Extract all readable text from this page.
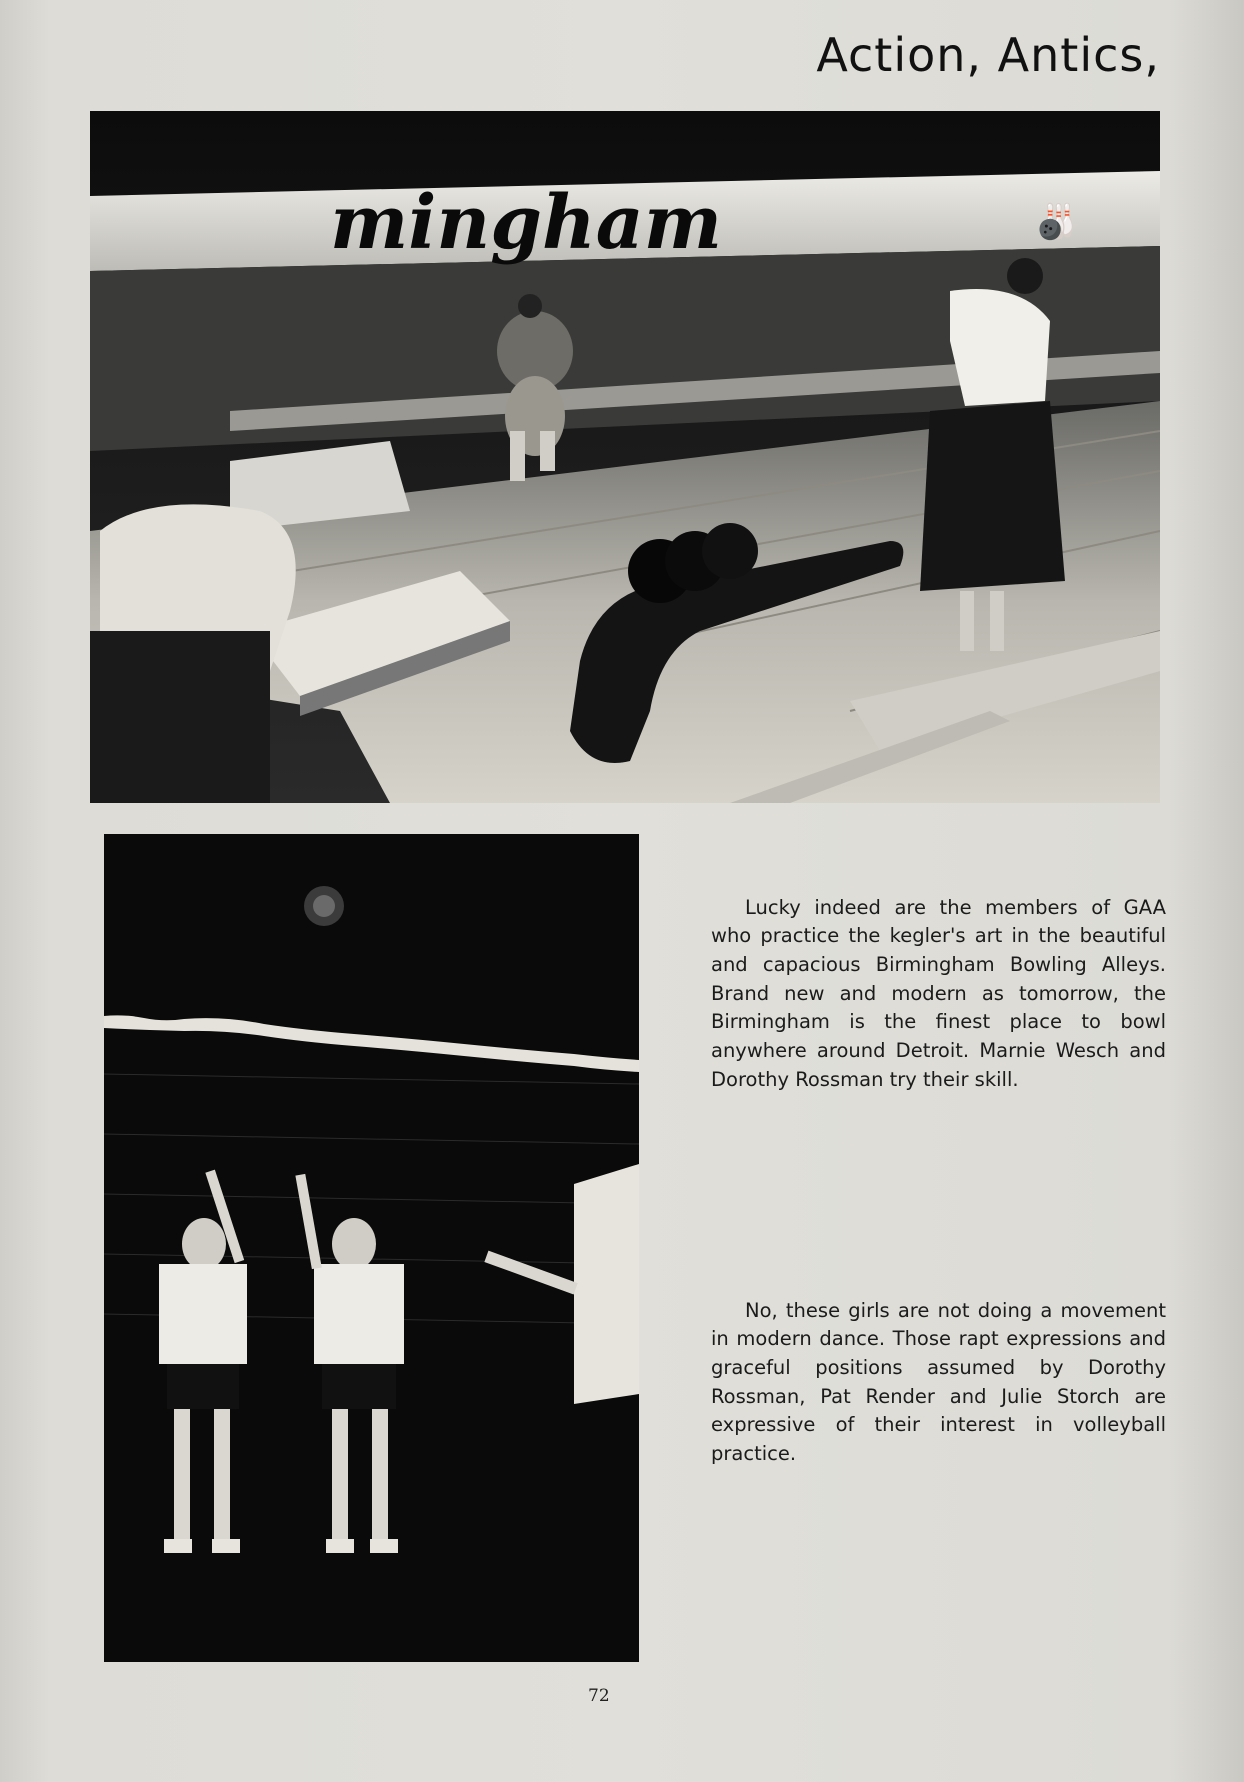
Action, Antics,
mingham	🎳

Lucky indeed are the members of GAA who practice the kegler's art in the beautiful and capacious Birmingham Bowling Alleys. Brand new and modern as tomorrow, the Birmingham is the finest place to bowl anywhere around Detroit. Marnie Wesch and Dorothy Rossman try their skill.

No, these girls are not doing a movement in modern dance. Those rapt expressions and graceful positions assumed by Dorothy Rossman, Pat Render and Julie Storch are expressive of their interest in volleyball practice.

72
